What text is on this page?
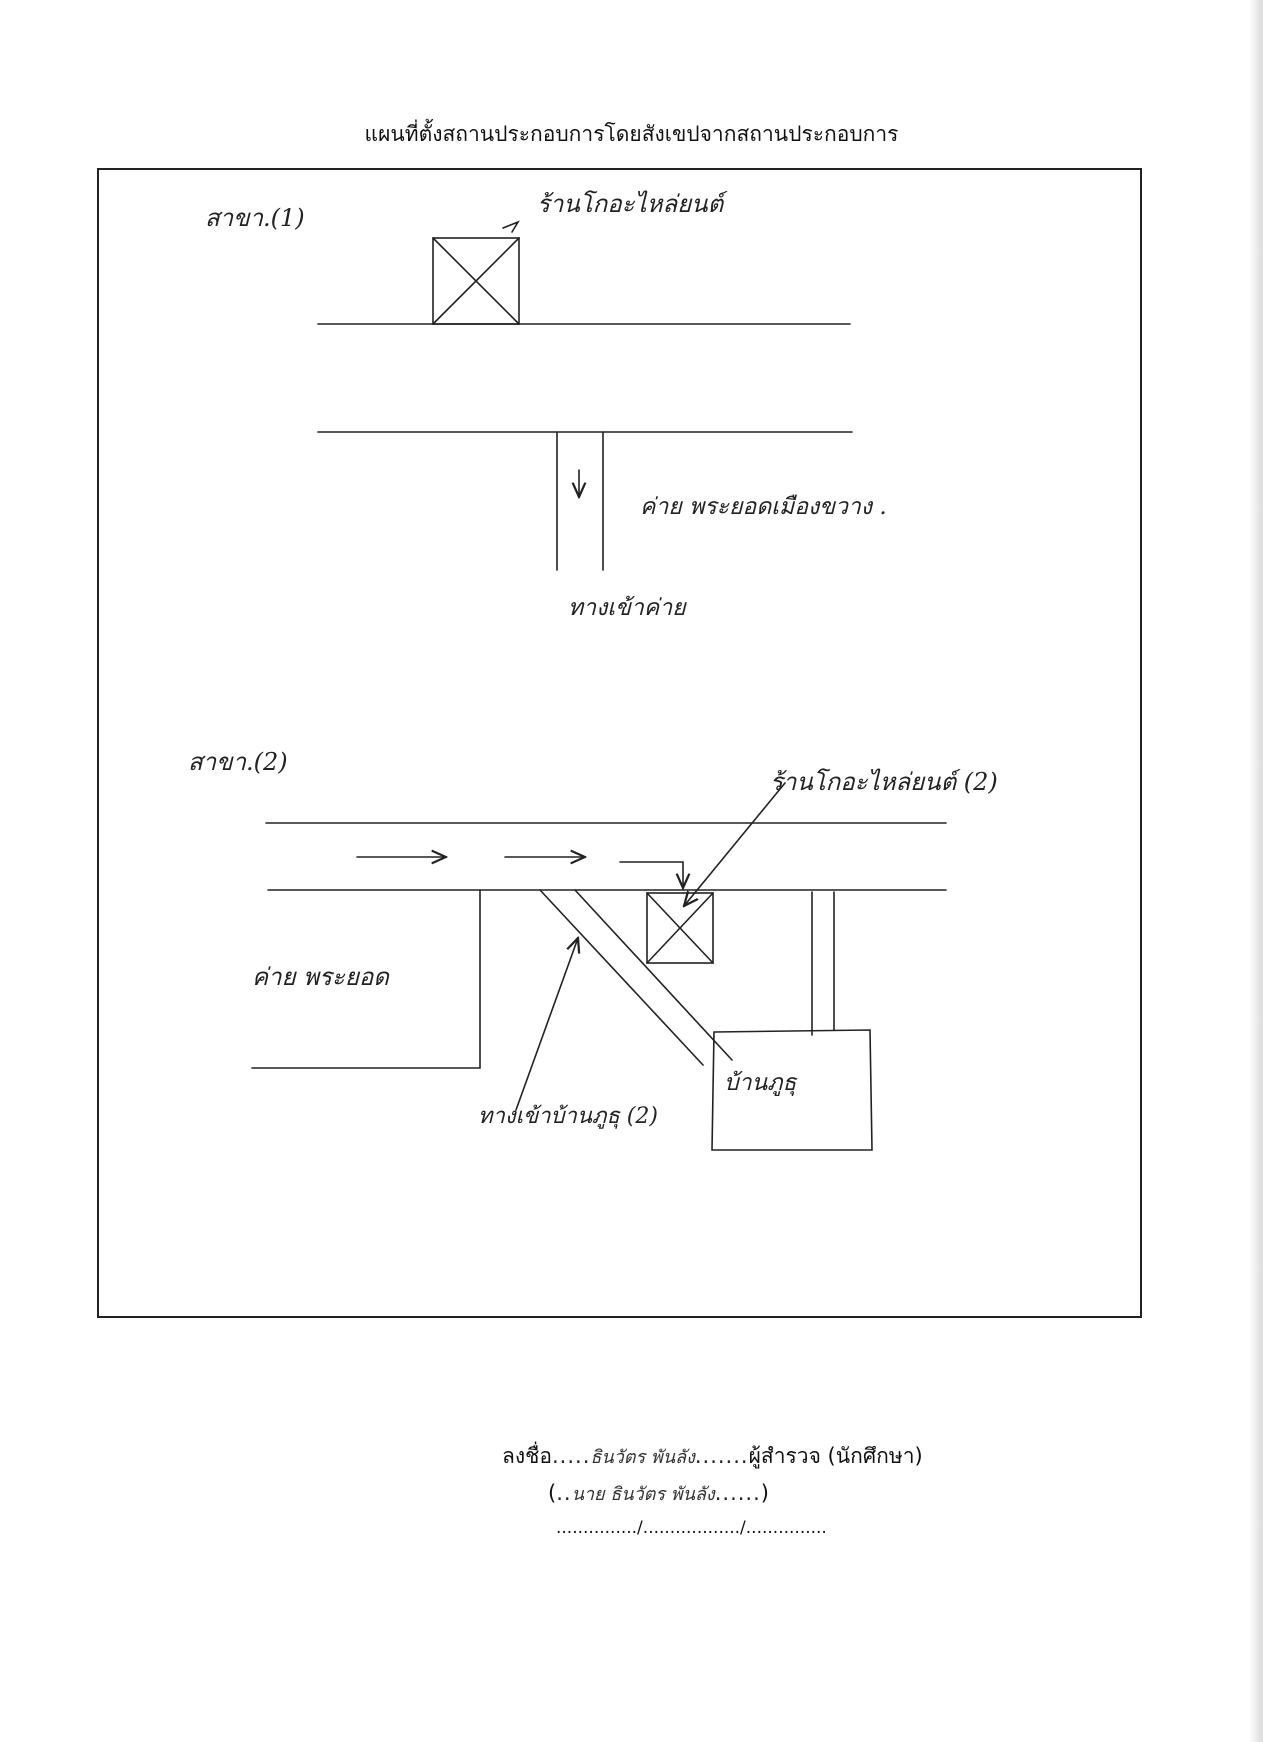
แผนที่ตั้งสถานประกอบการโดยสังเขปจากสถานประกอบการ
สาขา.(1)	ร้านโกอะไหล่ยนต์
ค่าย พระยอดเมืองขวาง .
ทางเข้าค่าย
สาขา.(2)
ร้านโกอะไหล่ยนต์ (2)
ค่าย พระยอด
บ้านภูธุ
ทางเข้าบ้านภูธุ (2)
ลงชื่อ.....ธินวัตร พันลัง.......ผู้สำรวจ (นักศึกษา)
(..นาย ธินวัตร พันลัง......)
.............../................../...............
